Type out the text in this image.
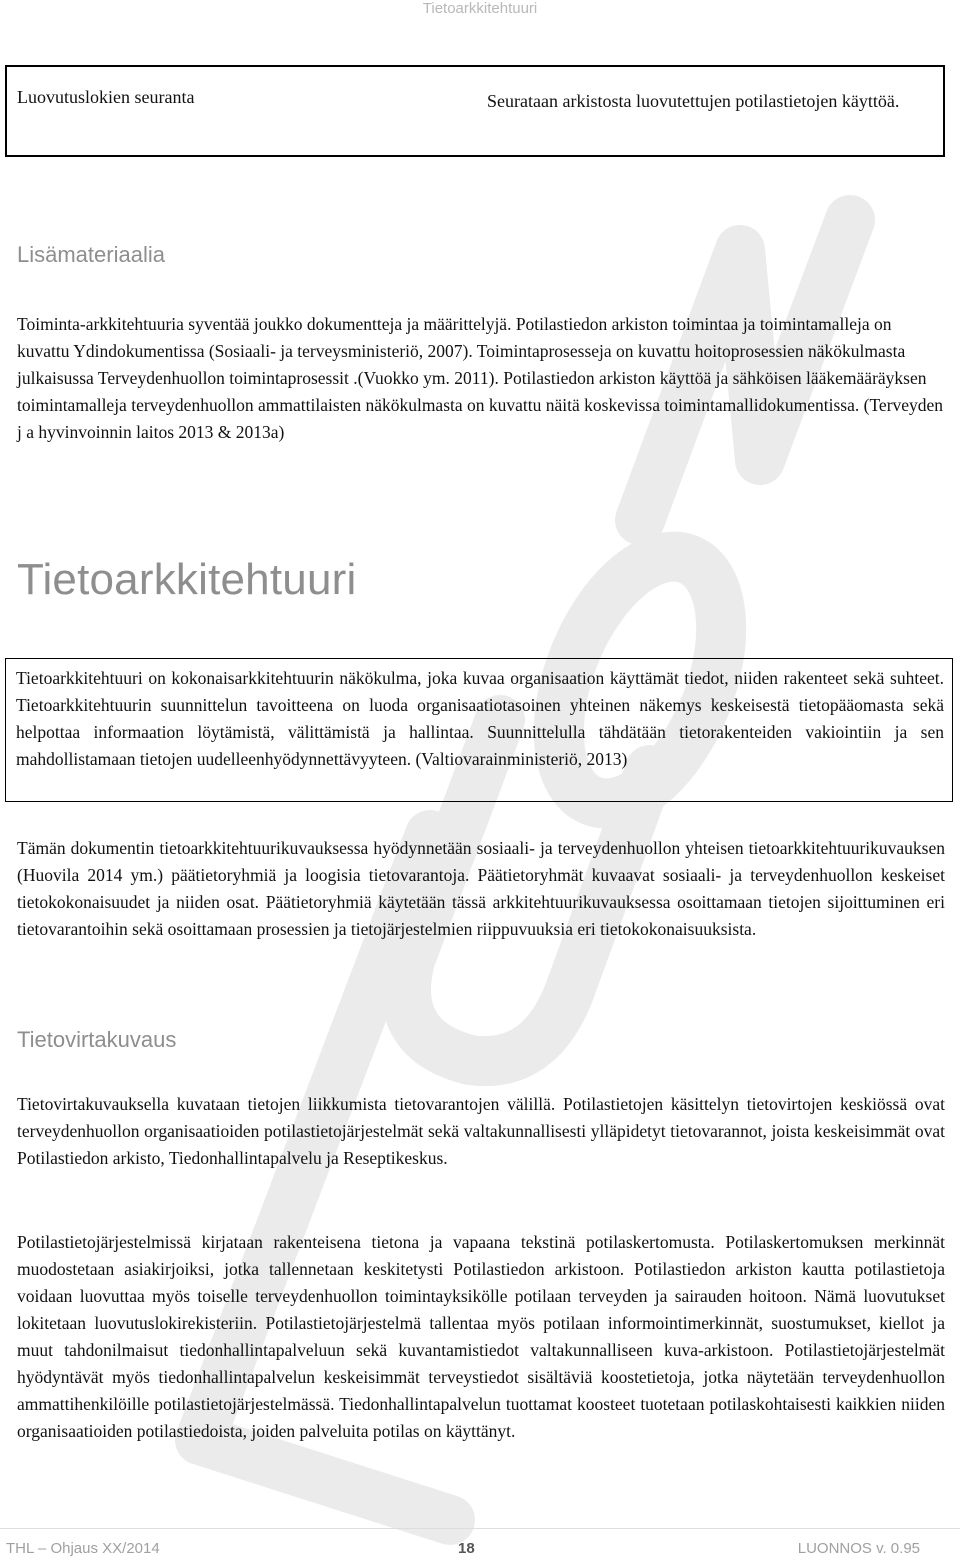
Tietoarkkitehtuuri
Luovutuslokien seuranta	Seurataan arkistosta luovutettujen potilastietojen käyttöä.
Lisämateriaalia

Toiminta-arkkitehtuuria syventää joukko dokumentteja ja määrittelyjä. Potilastiedon arkiston toimintaa ja toimintamalleja on kuvattu Ydindokumentissa (Sosiaali- ja terveysministeriö, 2007). Toimintaprosesseja on kuvattu hoitoprosessien näkökulmasta julkaisussa Terveydenhuollon toimintaprosessit .(Vuokko ym. 2011). Potilastiedon arkiston käyttöä ja sähköisen lääkemääräyksen toimintamalleja terveydenhuollon ammattilaisten näkökulmasta on kuvattu näitä koskevissa toimintamallidokumentissa. (Terveyden j a hyvinvoinnin laitos 2013 & 2013a)

Tietoarkkitehtuuri

Tietoarkkitehtuuri on kokonaisarkkitehtuurin näkökulma, joka kuvaa organisaation käyttämät tiedot, niiden rakenteet sekä suhteet. Tietoarkkitehtuurin suunnittelun tavoitteena on luoda organisaatiotasoinen yhteinen näkemys keskeisestä tietopääomasta sekä helpottaa informaation löytämistä, välittämistä ja hallintaa. Suunnittelulla tähdätään tietorakenteiden vakiointiin ja sen mahdollistamaan tietojen uudelleenhyödynnettävyyteen. (Valtiovarainministeriö, 2013)

Tämän dokumentin tietoarkkitehtuurikuvauksessa hyödynnetään sosiaali- ja terveydenhuollon yhteisen tietoarkkitehtuurikuvauksen (Huovila 2014 ym.) päätietoryhmiä ja loogisia tietovarantoja. Päätietoryhmät kuvaavat sosiaali- ja terveydenhuollon keskeiset tietokokonaisuudet ja niiden osat. Päätietoryhmiä käytetään tässä arkkitehtuurikuvauksessa osoittamaan tietojen sijoittuminen eri tietovarantoihin sekä osoittamaan prosessien ja tietojärjestelmien riippuvuuksia eri tietokokonaisuuksista.

Tietovirtakuvaus

Tietovirtakuvauksella kuvataan tietojen liikkumista tietovarantojen välillä. Potilastietojen käsittelyn tietovirtojen keskiössä ovat terveydenhuollon organisaatioiden potilastietojärjestelmät sekä valtakunnallisesti ylläpidetyt tietovarannot, joista keskeisimmät ovat Potilastiedon arkisto, Tiedonhallintapalvelu ja Reseptikeskus.

Potilastietojärjestelmissä kirjataan rakenteisena tietona ja vapaana tekstinä potilaskertomusta. Potilaskertomuksen merkinnät muodostetaan asiakirjoiksi, jotka tallennetaan keskitetysti Potilastiedon arkistoon. Potilastiedon arkiston kautta potilastietoja voidaan luovuttaa myös toiselle terveydenhuollon toimintayksikölle potilaan terveyden ja sairauden hoitoon. Nämä luovutukset lokitetaan luovutuslokirekisteriin. Potilastietojärjestelmä tallentaa myös potilaan informointimerkinnät, suostumukset, kiellot ja muut tahdonilmaisut tiedonhallintapalveluun sekä kuvantamistiedot valtakunnalliseen kuva-arkistoon. Potilastietojärjestelmät hyödyntävät myös tiedonhallintapalvelun keskeisimmät terveystiedot sisältäviä koostetietoja, jotka näytetään terveydenhuollon ammattihenkilöille potilastietojärjestelmässä. Tiedonhallintapalvelun tuottamat koosteet tuotetaan potilaskohtaisesti kaikkien niiden organisaatioiden potilastiedoista, joiden palveluita potilas on käyttänyt.

THL – Ohjaus XX/2014	18	LUONNOS v. 0.95
